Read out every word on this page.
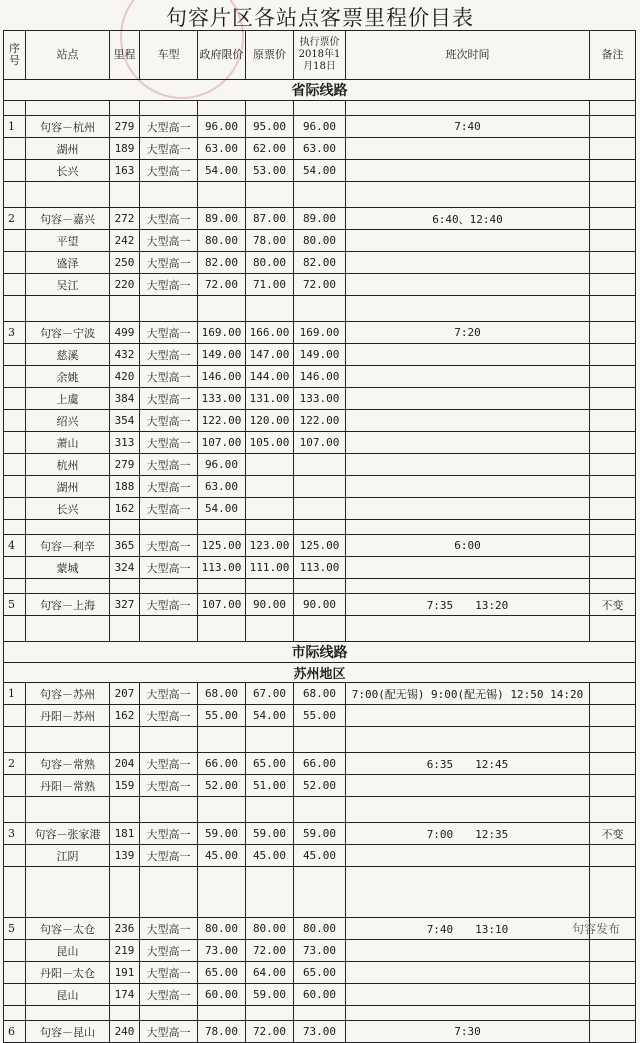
句容片区各站点客票里程价目表
序号	站点	里程	车型	政府限价	原票价	执行票价2018年1月18日	班次时间	备注
省际线路								

1	句容－杭州	279	大型高一	96.00	95.00	96.00	7:40	
	湖州	189	大型高一	63.00	62.00	63.00		
	长兴	163	大型高一	54.00	53.00	54.00		

2	句容－嘉兴	272	大型高一	89.00	87.00	89.00	6:40、12:40	
	平望	242	大型高一	80.00	78.00	80.00		
	盛泽	250	大型高一	82.00	80.00	82.00		
	吴江	220	大型高一	72.00	71.00	72.00		

3	句容－宁波	499	大型高一	169.00	166.00	169.00	7:20	
	慈溪	432	大型高一	149.00	147.00	149.00		
	余姚	420	大型高一	146.00	144.00	146.00		
	上虞	384	大型高一	133.00	131.00	133.00		
	绍兴	354	大型高一	122.00	120.00	122.00		
	萧山	313	大型高一	107.00	105.00	107.00		
	杭州	279	大型高一	96.00				
	湖州	188	大型高一	63.00				
	长兴	162	大型高一	54.00				

4	句容－利辛	365	大型高一	125.00	123.00	125.00	6:00	
	蒙城	324	大型高一	113.00	111.00	113.00		

5	句容－上海	327	大型高一	107.00	90.00	90.00	7:35　　13:20	不变

市际线路								
苏州地区								
1	句容－苏州	207	大型高一	68.00	67.00	68.00	7:00(配无锡) 9:00(配无锡) 12:50 14:20	
	丹阳－苏州	162	大型高一	55.00	54.00	55.00		

2	句容－常熟	204	大型高一	66.00	65.00	66.00	6:35　　12:45	
	丹阳－常熟	159	大型高一	52.00	51.00	52.00		

3	句容－张家港	181	大型高一	59.00	59.00	59.00	7:00　　12:35	不变
	江阴	139	大型高一	45.00	45.00	45.00		

5	句容－太仓	236	大型高一	80.00	80.00	80.00	7:40　　13:10	
	昆山	219	大型高一	73.00	72.00	73.00		
	丹阳－太仓	191	大型高一	65.00	64.00	65.00		
	昆山	174	大型高一	60.00	59.00	60.00		

6	句容－昆山	240	大型高一	78.00	72.00	73.00	7:30	
句容发布
